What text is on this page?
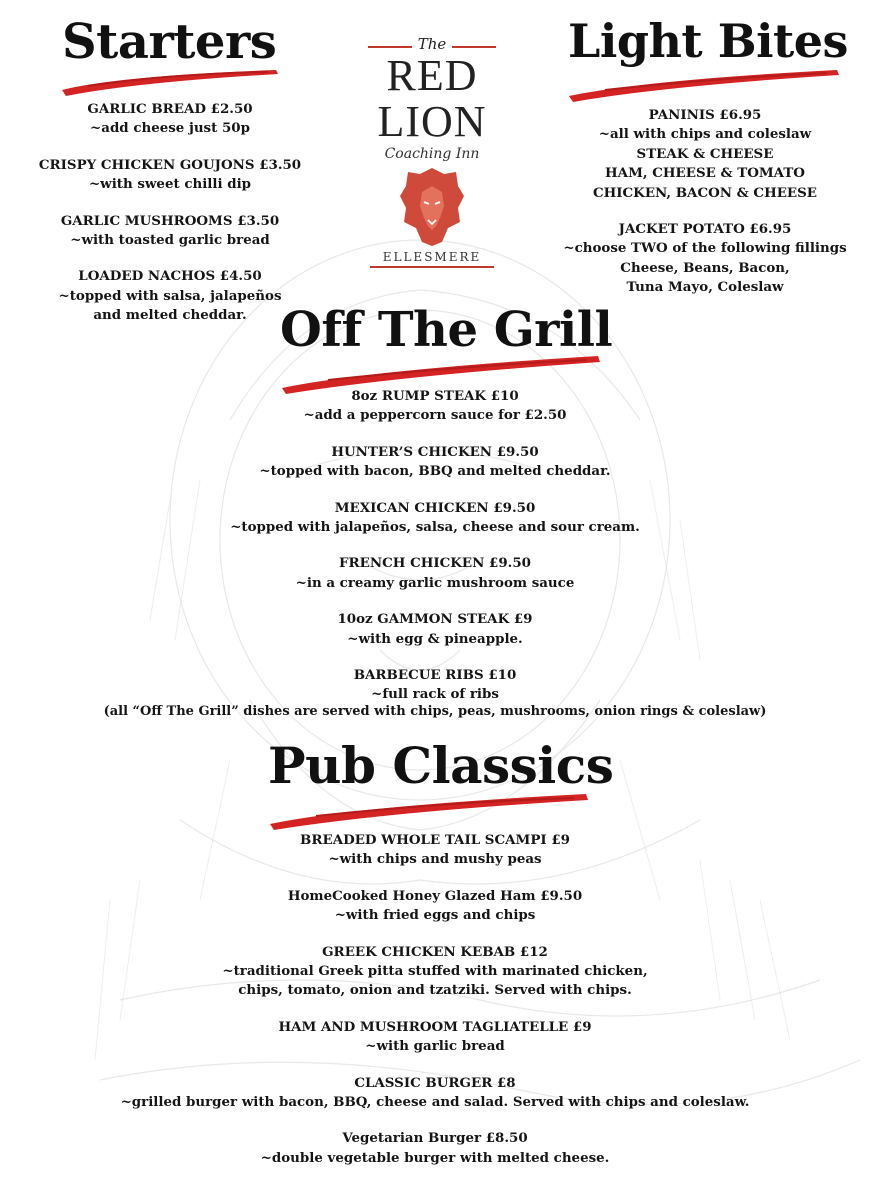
Starters
GARLIC BREAD £2.50
~add cheese just 50p
CRISPY CHICKEN GOUJONS £3.50
~with sweet chilli dip
GARLIC MUSHROOMS £3.50
~with toasted garlic bread
LOADED NACHOS £4.50
~topped with salsa, jalapeños
and melted cheddar.
The
RED
LION
Coaching Inn
ELLESMERE
Light Bites
PANINIS £6.95
~all with chips and coleslaw
STEAK & CHEESE
HAM, CHEESE & TOMATO
CHICKEN, BACON & CHEESE
JACKET POTATO £6.95
~choose TWO of the following fillings
Cheese, Beans, Bacon,
Tuna Mayo, Coleslaw
Off The Grill
8oz RUMP STEAK £10
~add a peppercorn sauce for £2.50
HUNTER’S CHICKEN £9.50
~topped with bacon, BBQ and melted cheddar.
MEXICAN CHICKEN £9.50
~topped with jalapeños, salsa, cheese and sour cream.
FRENCH CHICKEN £9.50
~in a creamy garlic mushroom sauce
10oz GAMMON STEAK £9
~with egg & pineapple.
BARBECUE RIBS £10
~full rack of ribs
(all “Off The Grill” dishes are served with chips, peas, mushrooms, onion rings & coleslaw)
Pub Classics
BREADED WHOLE TAIL SCAMPI £9
~with chips and mushy peas
HomeCooked Honey Glazed Ham £9.50
~with fried eggs and chips
GREEK CHICKEN KEBAB £12
~traditional Greek pitta stuffed with marinated chicken,
chips, tomato, onion and tzatziki. Served with chips.
HAM AND MUSHROOM TAGLIATELLE £9
~with garlic bread
CLASSIC BURGER £8
~grilled burger with bacon, BBQ, cheese and salad. Served with chips and coleslaw.
Vegetarian Burger £8.50
~double vegetable burger with melted cheese.
